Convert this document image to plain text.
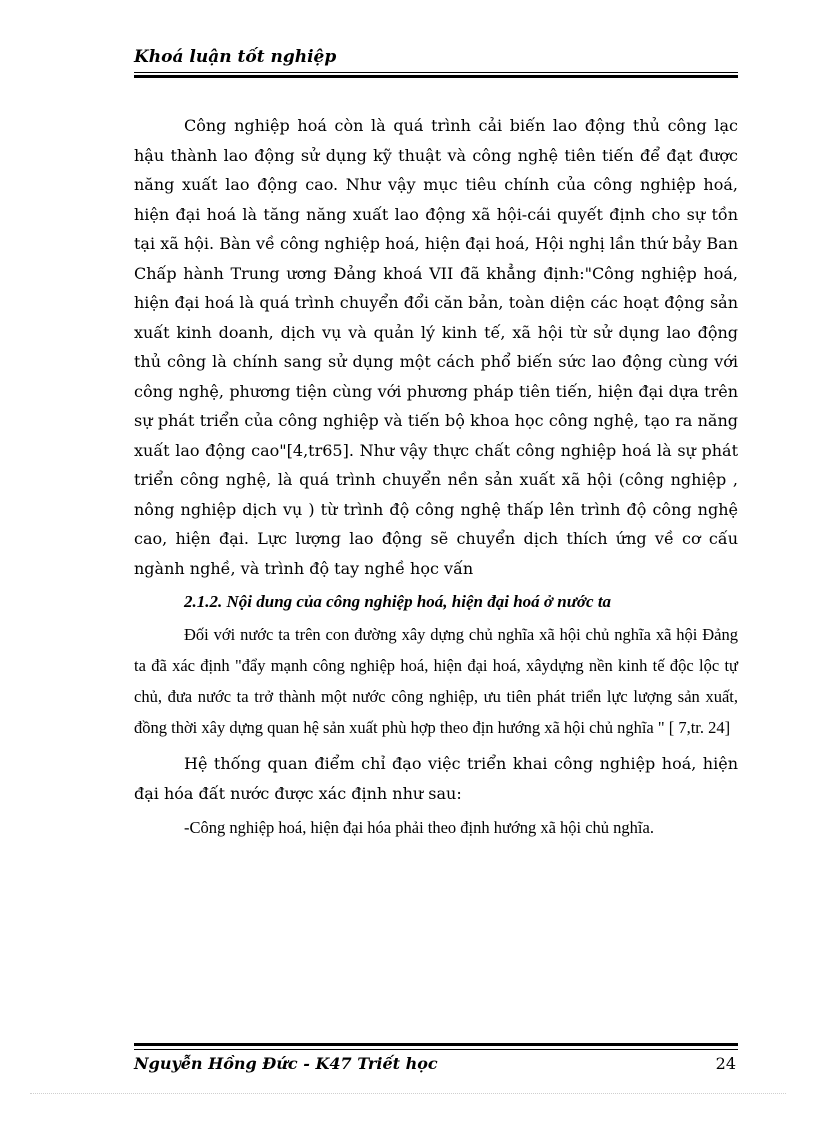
Khoá luận tốt nghiệp

Công nghiệp hoá còn là quá trình cải biến lao động thủ công lạc hậu thành lao động sử dụng kỹ thuật và công nghệ tiên tiến để đạt được năng xuất lao động cao. Như vậy mục tiêu chính của công nghiệp hoá, hiện đại hoá là tăng năng xuất lao động xã hội-cái quyết định cho sự tồn tại xã hội. Bàn về công nghiệp hoá, hiện đại hoá, Hội nghị lần thứ bảy Ban Chấp hành Trung ương Đảng khoá VII đã khẳng định:"Công nghiệp hoá, hiện đại hoá là quá trình chuyển đổi căn bản, toàn diện các hoạt động sản xuất kinh doanh, dịch vụ và quản lý kinh tế, xã hội từ sử dụng lao động thủ công là chính sang sử dụng một cách phổ biến sức lao động cùng với công nghệ, phương tiện cùng với phương pháp tiên tiến, hiện đại dựa trên sự phát triển của công nghiệp và tiến bộ khoa học công nghệ, tạo ra năng xuất lao động cao"[4,tr65]. Như vậy thực chất công nghiệp hoá là sự phát triển công nghệ, là quá trình chuyển nền sản xuất xã hội (công nghiệp , nông nghiệp dịch vụ ) từ trình độ công nghệ thấp lên trình độ công nghệ cao, hiện đại. Lực lượng lao động sẽ chuyển dịch thích ứng về cơ cấu ngành nghề, và trình độ tay nghề học vấn

2.1.2. Nội dung của công nghiệp hoá, hiện đại hoá ở nước ta

Đối với nước ta trên con đường xây dựng chủ nghĩa xã hội chủ nghĩa xã hội Đảng ta đã xác định "đẩy mạnh công nghiệp hoá, hiện đại hoá, xâydựng nền kinh tế độc lộc tự chủ, đưa nước ta trở thành một nước công nghiệp, ưu tiên phát triển lực lượng sản xuất, đồng thời xây dựng quan hệ sản xuất phù hợp theo địn hướng xã hội chủ nghĩa " [ 7,tr. 24]

Hệ thống quan điểm chỉ đạo việc triển khai công nghiệp hoá, hiện đại hóa đất nước được xác định như sau:

-Công nghiệp hoá, hiện đại hóa phải theo định hướng xã hội chủ nghĩa.

Nguyễn Hồng Đức - K47 Triết học	24
